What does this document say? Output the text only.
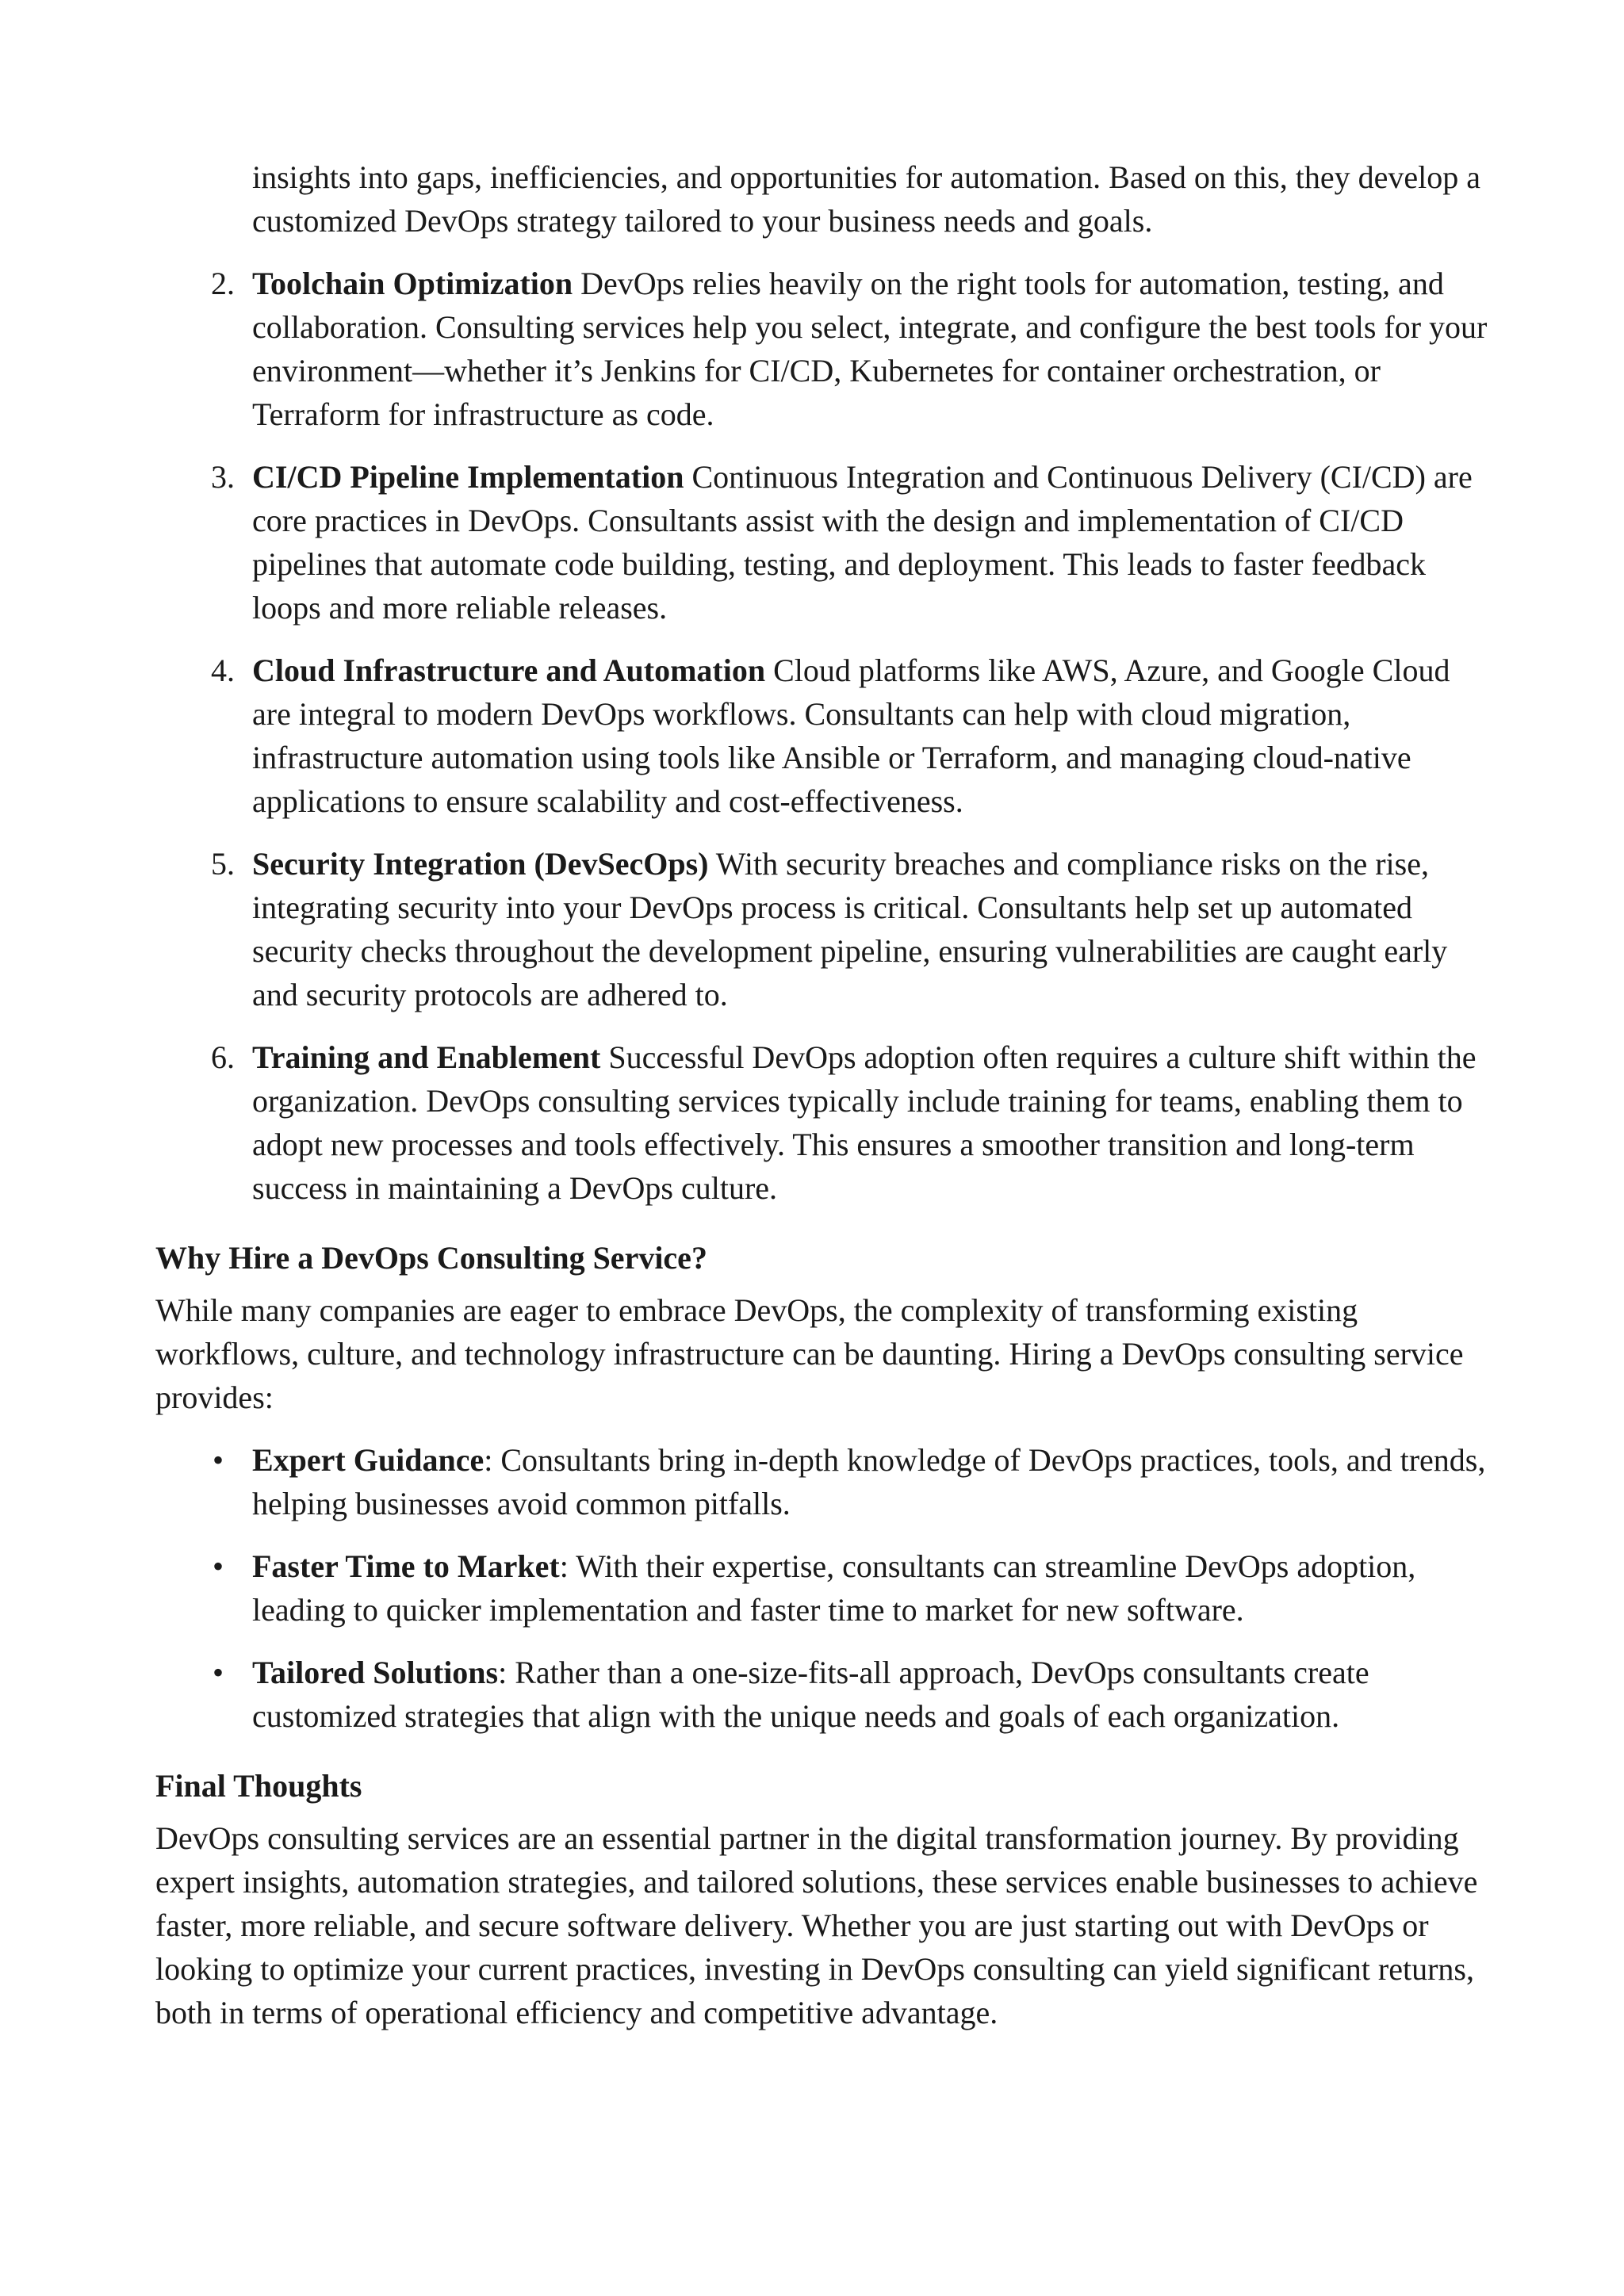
insights into gaps, inefficiencies, and opportunities for automation. Based on this, they develop a customized DevOps strategy tailored to your business needs and goals.
2. Toolchain Optimization DevOps relies heavily on the right tools for automation, testing, and collaboration. Consulting services help you select, integrate, and configure the best tools for your environment—whether it’s Jenkins for CI/CD, Kubernetes for container orchestration, or Terraform for infrastructure as code.
3. CI/CD Pipeline Implementation Continuous Integration and Continuous Delivery (CI/CD) are core practices in DevOps. Consultants assist with the design and implementation of CI/CD pipelines that automate code building, testing, and deployment. This leads to faster feedback loops and more reliable releases.
4. Cloud Infrastructure and Automation Cloud platforms like AWS, Azure, and Google Cloud are integral to modern DevOps workflows. Consultants can help with cloud migration, infrastructure automation using tools like Ansible or Terraform, and managing cloud-native applications to ensure scalability and cost-effectiveness.
5. Security Integration (DevSecOps) With security breaches and compliance risks on the rise, integrating security into your DevOps process is critical. Consultants help set up automated security checks throughout the development pipeline, ensuring vulnerabilities are caught early and security protocols are adhered to.
6. Training and Enablement Successful DevOps adoption often requires a culture shift within the organization. DevOps consulting services typically include training for teams, enabling them to adopt new processes and tools effectively. This ensures a smoother transition and long-term success in maintaining a DevOps culture.
Why Hire a DevOps Consulting Service?

While many companies are eager to embrace DevOps, the complexity of transforming existing workflows, culture, and technology infrastructure can be daunting. Hiring a DevOps consulting service provides:

• Expert Guidance: Consultants bring in-depth knowledge of DevOps practices, tools, and trends, helping businesses avoid common pitfalls.
• Faster Time to Market: With their expertise, consultants can streamline DevOps adoption, leading to quicker implementation and faster time to market for new software.
• Tailored Solutions: Rather than a one-size-fits-all approach, DevOps consultants create customized strategies that align with the unique needs and goals of each organization.
Final Thoughts

DevOps consulting services are an essential partner in the digital transformation journey. By providing expert insights, automation strategies, and tailored solutions, these services enable businesses to achieve faster, more reliable, and secure software delivery. Whether you are just starting out with DevOps or looking to optimize your current practices, investing in DevOps consulting can yield significant returns, both in terms of operational efficiency and competitive advantage.
